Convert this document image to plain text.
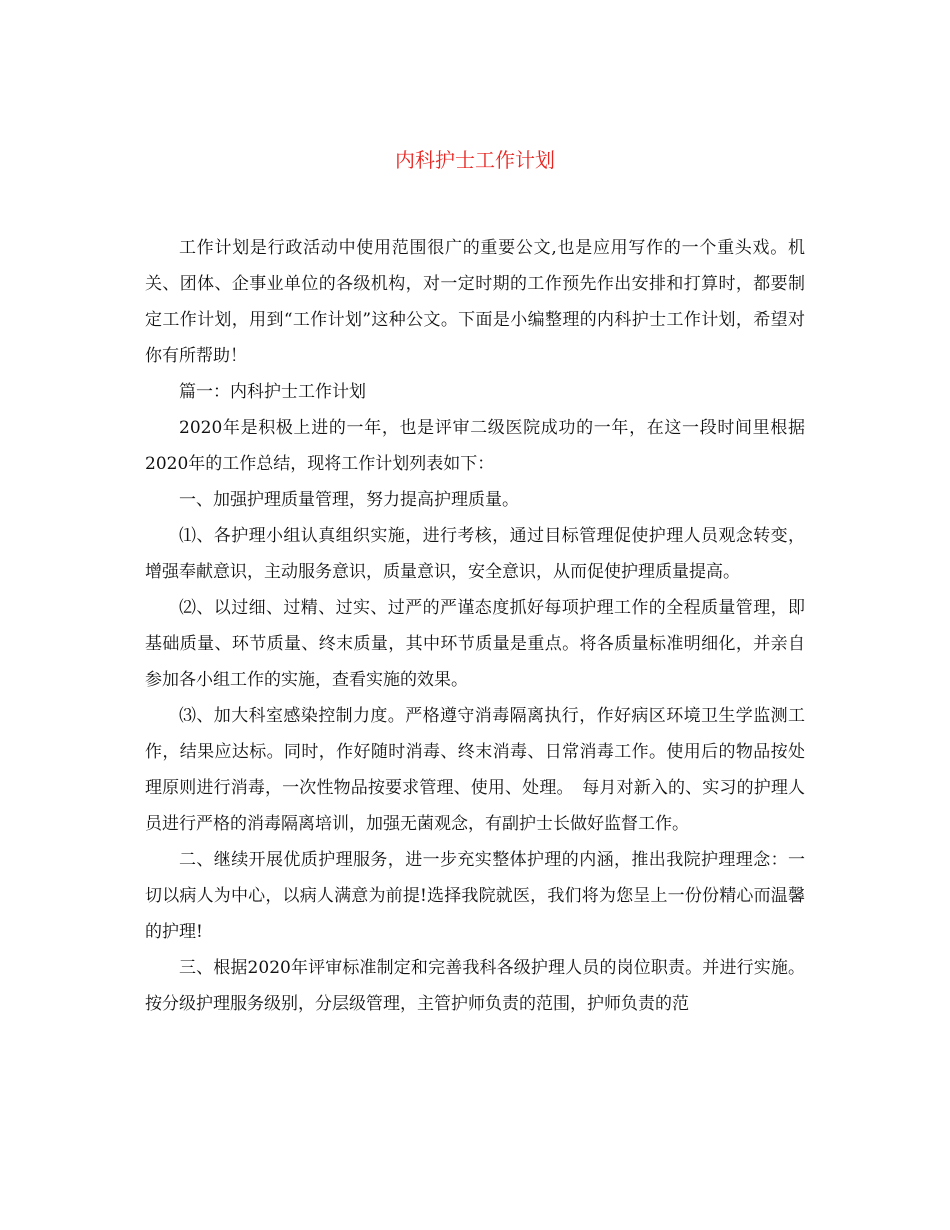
内科护士工作计划

工作计划是行政活动中使用范围很广的重要公文,也是应用写作的一个重头戏。机关、团体、企事业单位的各级机构，对一定时期的工作预先作出安排和打算时，都要制定工作计划，用到“工作计划”这种公文。下面是小编整理的内科护士工作计划，希望对你有所帮助！

篇一：内科护士工作计划

2020年是积极上进的一年，也是评审二级医院成功的一年，在这一段时间里根据2020年的工作总结，现将工作计划列表如下：

一、加强护理质量管理，努力提高护理质量。

⑴、各护理小组认真组织实施，进行考核，通过目标管理促使护理人员观念转变，增强奉献意识，主动服务意识，质量意识，安全意识，从而促使护理质量提高。

⑵、以过细、过精、过实、过严的严谨态度抓好每项护理工作的全程质量管理，即基础质量、环节质量、终末质量，其中环节质量是重点。将各质量标准明细化，并亲自参加各小组工作的实施，查看实施的效果。

⑶、加大科室感染控制力度。严格遵守消毒隔离执行，作好病区环境卫生学监测工作，结果应达标。同时，作好随时消毒、终末消毒、日常消毒工作。使用后的物品按处理原则进行消毒，一次性物品按要求管理、使用、处理。　每月对新入的、实习的护理人员进行严格的消毒隔离培训，加强无菌观念，有副护士长做好监督工作。

二、继续开展优质护理服务，进一步充实整体护理的内涵，推出我院护理理念：一切以病人为中心，以病人满意为前提!选择我院就医，我们将为您呈上一份份精心而温馨的护理!

三、根据2020年评审标准制定和完善我科各级护理人员的岗位职责。并进行实施。按分级护理服务级别，分层级管理，主管护师负责的范围，护师负责的范
